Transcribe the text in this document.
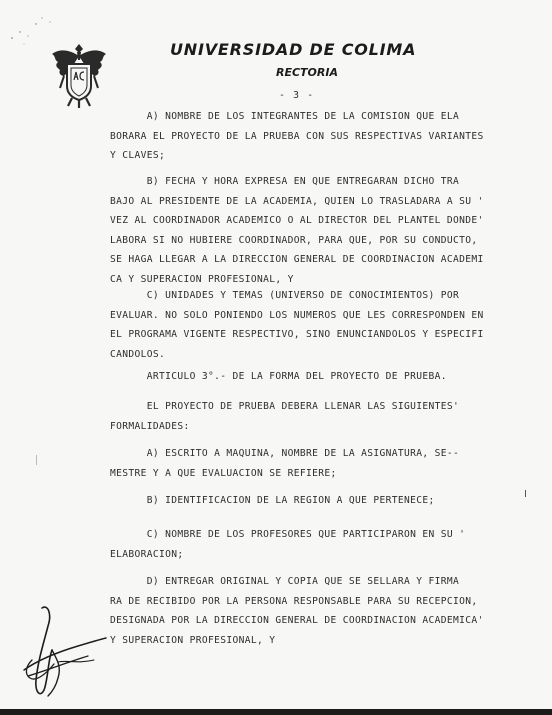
UNIVERSIDAD DE COLIMA
RECTORIA
- 3 -
A) NOMBRE DE LOS INTEGRANTES DE LA COMISION QUE ELA
BORARA EL PROYECTO DE LA PRUEBA CON SUS RESPECTIVAS VARIANTES
Y CLAVES;
B) FECHA Y HORA EXPRESA EN QUE ENTREGARAN DICHO TRA
BAJO AL PRESIDENTE DE LA ACADEMIA, QUIEN LO TRASLADARA A SU '
VEZ AL COORDINADOR ACADEMICO O AL DIRECTOR DEL PLANTEL DONDE'
LABORA SI NO HUBIERE COORDINADOR, PARA QUE, POR SU CONDUCTO,
SE HAGA LLEGAR A LA DIRECCION GENERAL DE COORDINACION ACADEMI
CA Y SUPERACION PROFESIONAL, Y
C) UNIDADES Y TEMAS (UNIVERSO DE CONOCIMIENTOS) POR
EVALUAR. NO SOLO PONIENDO LOS NUMEROS QUE LES CORRESPONDEN EN
EL PROGRAMA VIGENTE RESPECTIVO, SINO ENUNCIANDOLOS Y ESPECIFI
CANDOLOS.
ARTICULO 3°.- DE LA FORMA DEL PROYECTO DE PRUEBA.
EL PROYECTO DE PRUEBA DEBERA LLENAR LAS SIGUIENTES'
FORMALIDADES:
A) ESCRITO A MAQUINA, NOMBRE DE LA ASIGNATURA, SE--
MESTRE Y A QUE EVALUACION SE REFIERE;
B) IDENTIFICACION DE LA REGION A QUE PERTENECE;
C) NOMBRE DE LOS PROFESORES QUE PARTICIPARON EN SU '
ELABORACION;
D) ENTREGAR ORIGINAL Y COPIA QUE SE SELLARA Y FIRMA
RA DE RECIBIDO POR LA PERSONA RESPONSABLE PARA SU RECEPCION,
DESIGNADA POR LA DIRECCION GENERAL DE COORDINACION ACADEMICA'
Y SUPERACION PROFESIONAL, Y
